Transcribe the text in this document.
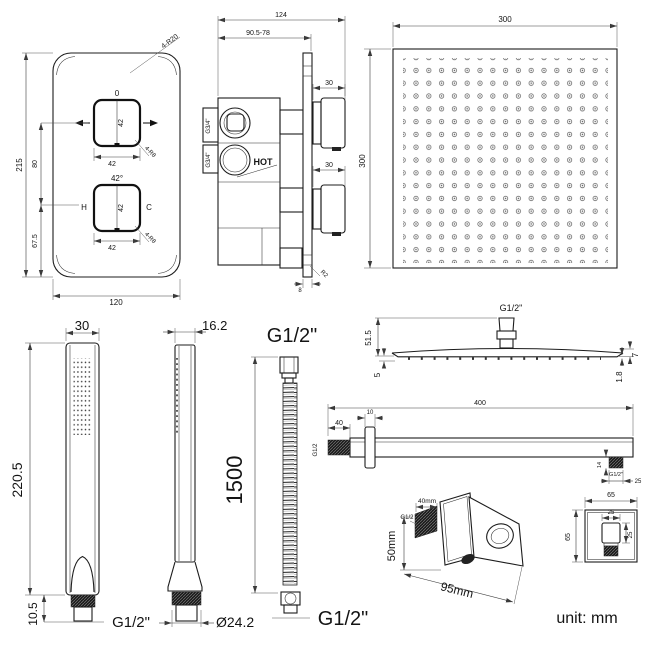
4-R20
0
42
4-R8
42°
H	C
42
4-R8
215 80
67.5
120
42
42
HOT
G3/4"
G3/4"
124
90.5-78
30
30
8
R2
300
300
G1/2"
51.5
5
7
1.8
30
220.5
10.5	G1/2"
16.2
Ø24.2
G1/2"
G1/2"
1500
G1/2
400
40
10
14
G1/2"
25
40mm
G1/2
50mm
95mm
65
65
25
25
unit: mm
